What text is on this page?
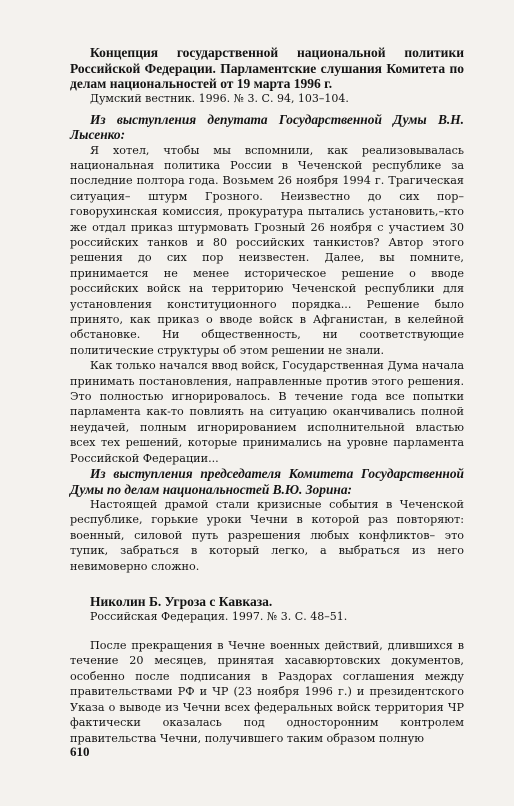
Концепция государственной национальной политики Российской Федерации. Парламентские слушания Комитета по делам национальностей от 19 марта 1996 г.

Думский вестник. 1996. № 3. С. 94, 103–104.

Из выступления депутата Государственной Думы В.Н. Лысенко:

Я хотел, чтобы мы вспомнили, как реализовывалась национальная политика России в Чеченской республике за последние полтора года. Возьмем 26 ноября 1994 г. Трагическая ситуация– штурм Грозного. Неизвестно до сих пор– говорухинская комиссия, прокуратура пытались установить,–кто же отдал приказ штурмовать Грозный 26 ноября с участием 30 российских танков и 80 российских танкистов? Автор этого решения до сих пор неизвестен. Далее, вы помните, принимается не менее историческое решение о вводе российских войск на территорию Чеченской республики для установления конституционного порядка... Решение было принято, как приказ о вводе войск в Афганистан, в келейной обстановке. Ни общественность, ни соответствующие политические структуры об этом решении не знали.

Как только начался ввод войск, Государственная Дума начала принимать постановления, направленные против этого решения. Это полностью игнорировалось. В течение года все попытки парламента как-то повлиять на ситуацию оканчивались полной неудачей, полным игнорированием исполнительной властью всех тех решений, которые принимались на уровне парламента Российской Федерации...

Из выступления председателя Комитета Государственной Думы по делам национальностей В.Ю. Зорина:

Настоящей драмой стали кризисные события в Чеченской республике, горькие уроки Чечни в которой раз повторяют: военный, силовой путь разрешения любых конфликтов– это тупик, забраться в который легко, а выбраться из него невимоверно сложно.

Николин Б. Угроза с Кавказа.

Российская Федерация. 1997. № 3. С. 48–51.

После прекращения в Чечне военных действий, длившихся в течение 20 месяцев, принятая хасавюртовских документов, особенно после подписания в Раздорах соглашения между правительствами РФ и ЧР (23 ноября 1996 г.) и президентского Указа о выводе из Чечни всех федеральных войск территория ЧР фактически оказалась под односторонним контролем правительства Чечни, получившего таким образом полную

610
